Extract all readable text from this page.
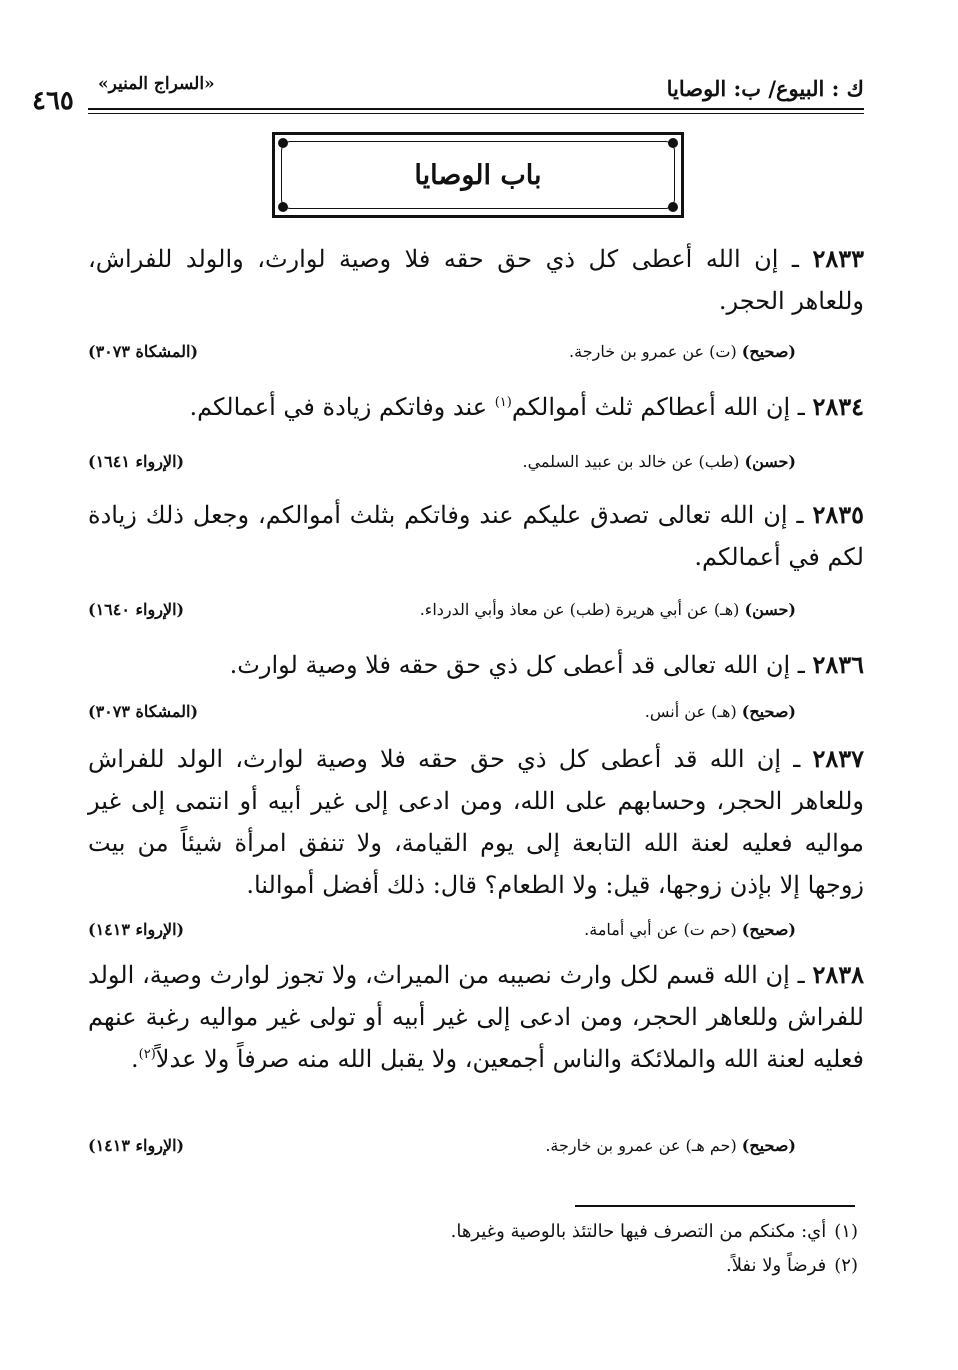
ك : البيوع/ ب: الوصايا
«السراج المنير»
٤٦٥
باب الوصايا
٢٨٣٣ ـ إن الله أعطى كل ذي حق حقه فلا وصية لوارث، والولد للفراش، وللعاهر الحجر.
(صحيح) (ت) عن عمرو بن خارجة.
(المشكاة ٣٠٧٣)
٢٨٣٤ ـ إن الله أعطاكم ثلث أموالكم$^{(١)}$ عند وفاتكم زيادة في أعمالكم.
(حسن) (طب) عن خالد بن عبيد السلمي.
(الإرواء ١٦٤١)
٢٨٣٥ ـ إن الله تعالى تصدق عليكم عند وفاتكم بثلث أموالكم، وجعل ذلك زيادة لكم في أعمالكم.
(حسن) (هـ) عن أبي هريرة (طب) عن معاذ وأبي الدرداء.
(الإرواء ١٦٤٠)
٢٨٣٦ ـ إن الله تعالى قد أعطى كل ذي حق حقه فلا وصية لوارث.
(صحيح) (هـ) عن أنس.
(المشكاة ٣٠٧٣)
٢٨٣٧ ـ إن الله قد أعطى كل ذي حق حقه فلا وصية لوارث، الولد للفراش وللعاهر الحجر، وحسابهم على الله، ومن ادعى إلى غير أبيه أو انتمى إلى غير مواليه فعليه لعنة الله التابعة إلى يوم القيامة، ولا تنفق امرأة شيئاً من بيت زوجها إلا بإذن زوجها، قيل: ولا الطعام؟ قال: ذلك أفضل أموالنا.
(صحيح) (حم ت) عن أبي أمامة.
(الإرواء ١٤١٣)
٢٨٣٨ ـ إن الله قسم لكل وارث نصيبه من الميراث، ولا تجوز لوارث وصية، الولد للفراش وللعاهر الحجر، ومن ادعى إلى غير أبيه أو تولى غير مواليه رغبة عنهم فعليه لعنة الله والملائكة والناس أجمعين، ولا يقبل الله منه صرفاً ولا عدلاً$^{(٢)}$.
(صحيح) (حم هـ) عن عمرو بن خارجة.
(الإرواء ١٤١٣)
(١)أي: مكنكم من التصرف فيها حالتئذ بالوصية وغيرها.
(٢)فرضاً ولا نفلاً.
